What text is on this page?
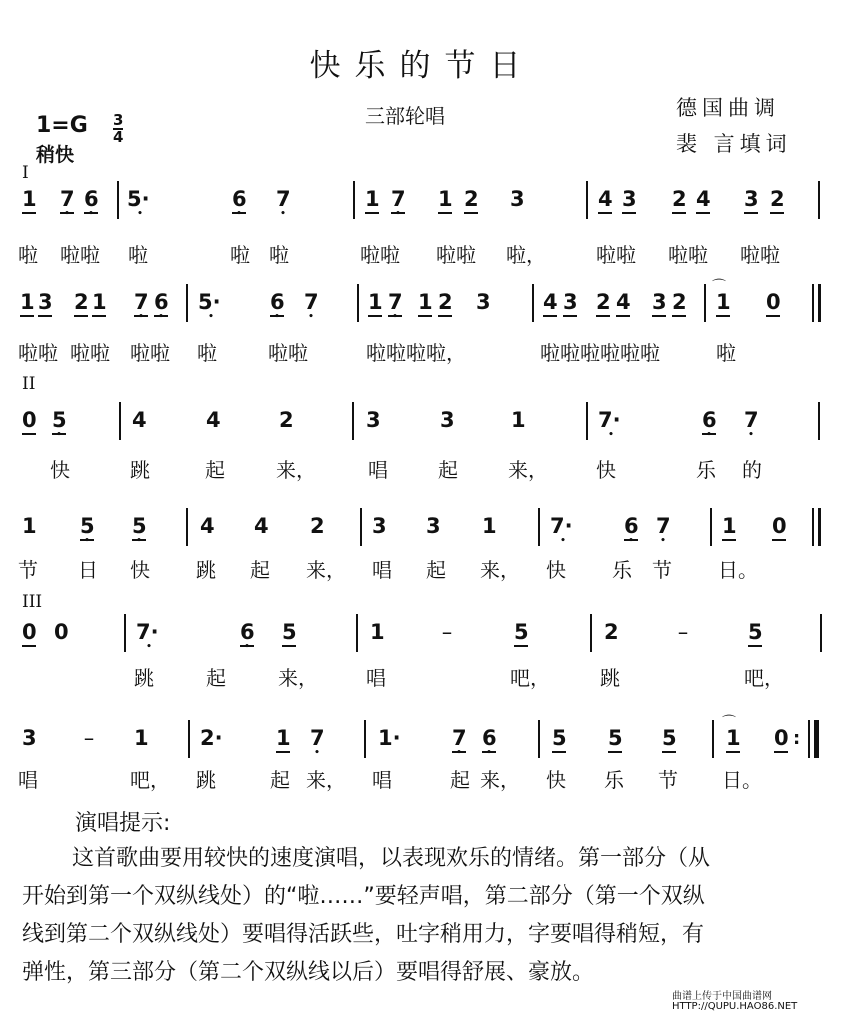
快乐的节日
三部轮唱	德国曲调
裴 言填词
1=G 3
4
稍快
I
II
III
1 • 7 • 6 • 5·	• 6 • 7	1 • 7 1 2 3	4 3 2 4 3 2
啦 啦啦 啦	啦 啦	啦啦 啦啦 啦，	啦啦 啦啦 啦啦
1 3 2 1 • 7 • 6 • 5· • 6 • 7 1 • 7 1 2 3 4 3 2 4 3 2 ⌒ 1 0
啦啦 啦啦 啦啦 啦	啦啦	啦啦啦啦，	啦啦啦啦啦啦	啦
0 • 5	4	4	2	3	3	1	• 7·	• 6 • 7
快	跳	起	来，	唱	起	来， 快	乐 的
1 • 5 • 5	4 4 2 3 3 1	• 7· • 6 • 7 1 0
节 日 快 跳 起 来， 唱 起 来， 快 乐 节 日。
0 0	• 7·	• 6 5	1	–	5	2	–	5
跳	起	来， 唱	吧，	跳	吧，
3 – 1 2·	1 • 7	1· • 7 • 6	5 5 5 ⌒ 1 0 :
唱	吧， 跳	起 来， 唱	起 来， 快 乐 节 日。
演唱提示:

这首歌曲要用较快的速度演唱，以表现欢乐的情绪。第一部分（从

开始到第一个双纵线处）的“啦……”要轻声唱，第二部分（第一个双纵

线到第二个双纵线处）要唱得活跃些，吐字稍用力，字要唱得稍短，有

弹性，第三部分（第二个双纵线以后）要唱得舒展、豪放。

曲谱上传于中国曲谱网
HTTP://QUPU.HAO86.NET
